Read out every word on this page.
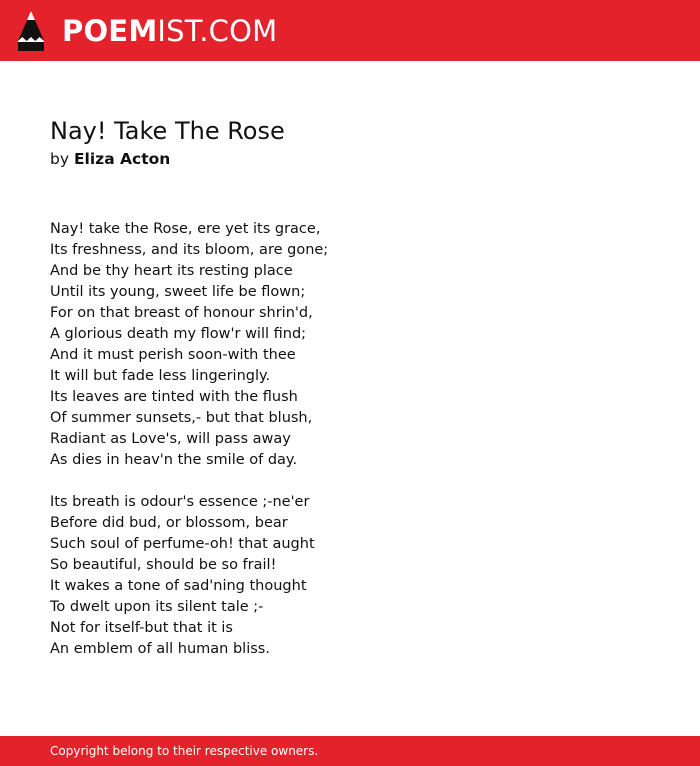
POEM IST.COM
Nay! Take The Rose
by Eliza Acton
Nay! take the Rose, ere yet its grace,
Its freshness, and its bloom, are gone;
And be thy heart its resting place
Until its young, sweet life be flown;
For on that breast of honour shrin'd,
A glorious death my flow'r will find;
And it must perish soon-with thee
It will but fade less lingeringly.
Its leaves are tinted with the flush
Of summer sunsets,- but that blush,
Radiant as Love's, will pass away
As dies in heav'n the smile of day.
Its breath is odour's essence ;-ne'er
Before did bud, or blossom, bear
Such soul of perfume-oh! that aught
So beautiful, should be so frail!
It wakes a tone of sad'ning thought
To dwelt upon its silent tale ;-
Not for itself-but that it is
An emblem of all human bliss.
Copyright belong to their respective owners.
